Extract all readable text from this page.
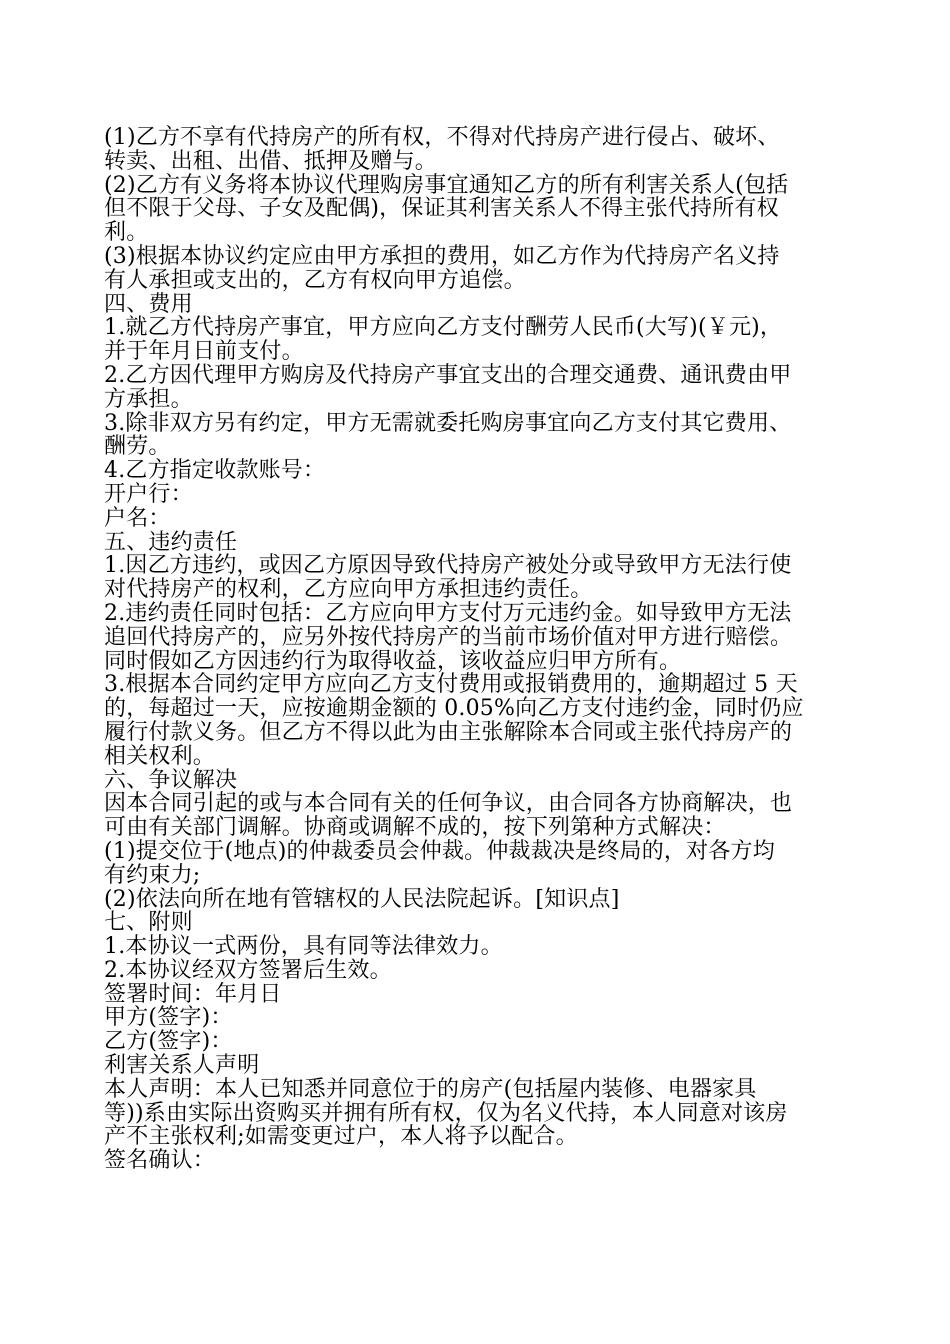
(1)乙方不享有代持房产的所有权，不得对代持房产进行侵占、破坏、
转卖、出租、出借、抵押及赠与。
(2)乙方有义务将本协议代理购房事宜通知乙方的所有利害关系人(包括
但不限于父母、子女及配偶)，保证其利害关系人不得主张代持所有权
利。
(3)根据本协议约定应由甲方承担的费用，如乙方作为代持房产名义持
有人承担或支出的，乙方有权向甲方追偿。
四、费用
1.就乙方代持房产事宜，甲方应向乙方支付酬劳人民币(大写)(￥元)，
并于年月日前支付。
2.乙方因代理甲方购房及代持房产事宜支出的合理交通费、通讯费由甲
方承担。
3.除非双方另有约定，甲方无需就委托购房事宜向乙方支付其它费用、
酬劳。
4.乙方指定收款账号：
开户行：
户名：
五、违约责任
1.因乙方违约，或因乙方原因导致代持房产被处分或导致甲方无法行使
对代持房产的权利，乙方应向甲方承担违约责任。
2.违约责任同时包括：乙方应向甲方支付万元违约金。如导致甲方无法
追回代持房产的，应另外按代持房产的当前市场价值对甲方进行赔偿。
同时假如乙方因违约行为取得收益，该收益应归甲方所有。
3.根据本合同约定甲方应向乙方支付费用或报销费用的，逾期超过 5 天
的，每超过一天，应按逾期金额的 0.05%向乙方支付违约金，同时仍应
履行付款义务。但乙方不得以此为由主张解除本合同或主张代持房产的
相关权利。
六、争议解决
因本合同引起的或与本合同有关的任何争议，由合同各方协商解决，也
可由有关部门调解。协商或调解不成的，按下列第种方式解决：
(1)提交位于(地点)的仲裁委员会仲裁。仲裁裁决是终局的，对各方均
有约束力;
(2)依法向所在地有管辖权的人民法院起诉。[知识点]
七、附则
1.本协议一式两份，具有同等法律效力。
2.本协议经双方签署后生效。
签署时间：年月日
甲方(签字)：
乙方(签字)：
利害关系人声明
本人声明：本人已知悉并同意位于的房产(包括屋内装修、电器家具
等))系由实际出资购买并拥有所有权，仅为名义代持，本人同意对该房
产不主张权利;如需变更过户，本人将予以配合。
签名确认：
